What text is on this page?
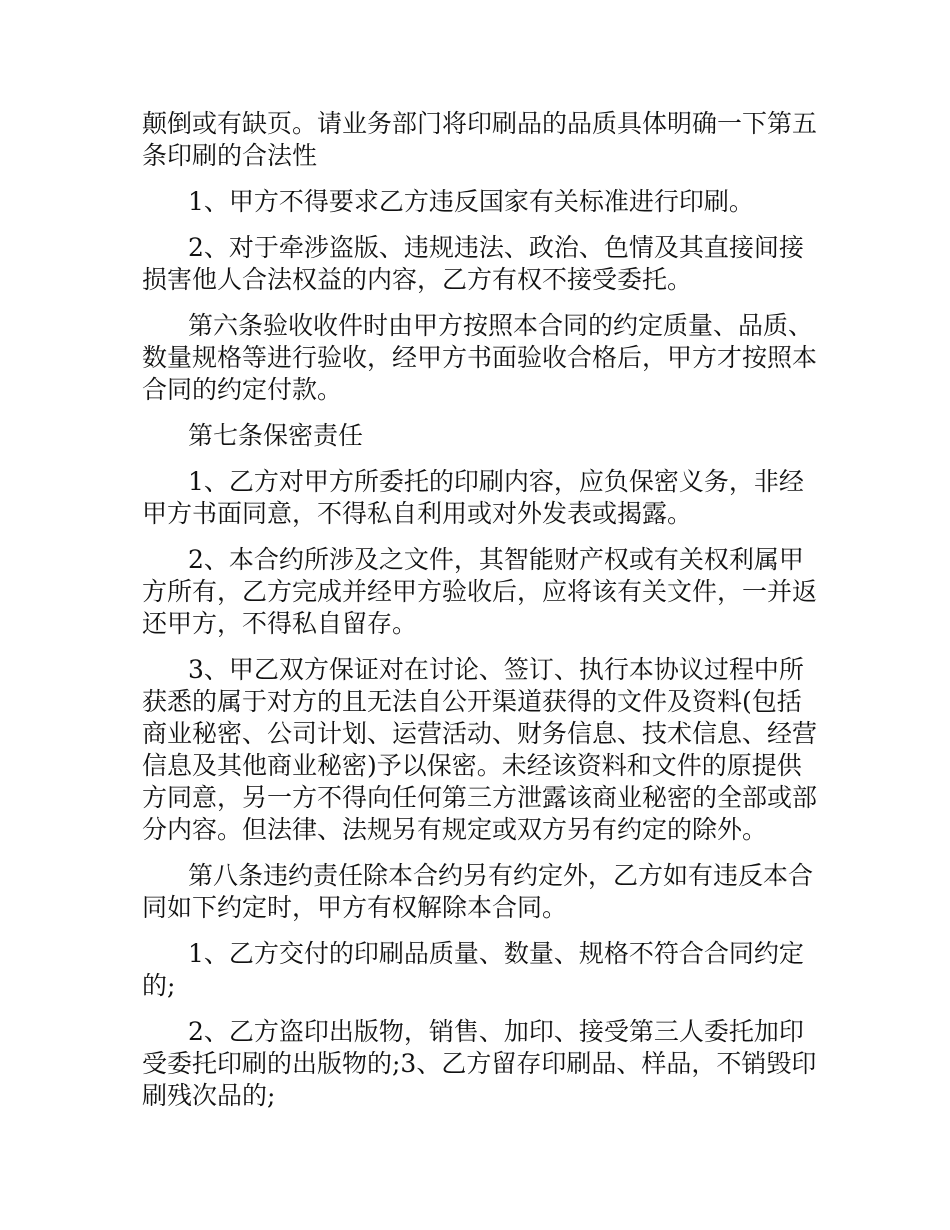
颠倒或有缺页。请业务部门将印刷品的品质具体明确一下第五条印刷的合法性

1、甲方不得要求乙方违反国家有关标准进行印刷。

2、对于牵涉盗版、违规违法、政治、色情及其直接间接损害他人合法权益的内容，乙方有权不接受委托。

第六条验收收件时由甲方按照本合同的约定质量、品质、数量规格等进行验收，经甲方书面验收合格后，甲方才按照本合同的约定付款。

第七条保密责任

1、乙方对甲方所委托的印刷内容，应负保密义务，非经甲方书面同意，不得私自利用或对外发表或揭露。

2、本合约所涉及之文件，其智能财产权或有关权利属甲方所有，乙方完成并经甲方验收后，应将该有关文件，一并返还甲方，不得私自留存。

3、甲乙双方保证对在讨论、签订、执行本协议过程中所获悉的属于对方的且无法自公开渠道获得的文件及资料(包括商业秘密、公司计划、运营活动、财务信息、技术信息、经营信息及其他商业秘密)予以保密。未经该资料和文件的原提供方同意，另一方不得向任何第三方泄露该商业秘密的全部或部分内容。但法律、法规另有规定或双方另有约定的除外。

第八条违约责任除本合约另有约定外，乙方如有违反本合同如下约定时，甲方有权解除本合同。

1、乙方交付的印刷品质量、数量、规格不符合合同约定的;

2、乙方盗印出版物，销售、加印、接受第三人委托加印受委托印刷的出版物的;3、乙方留存印刷品、样品，不销毁印刷残次品的;
